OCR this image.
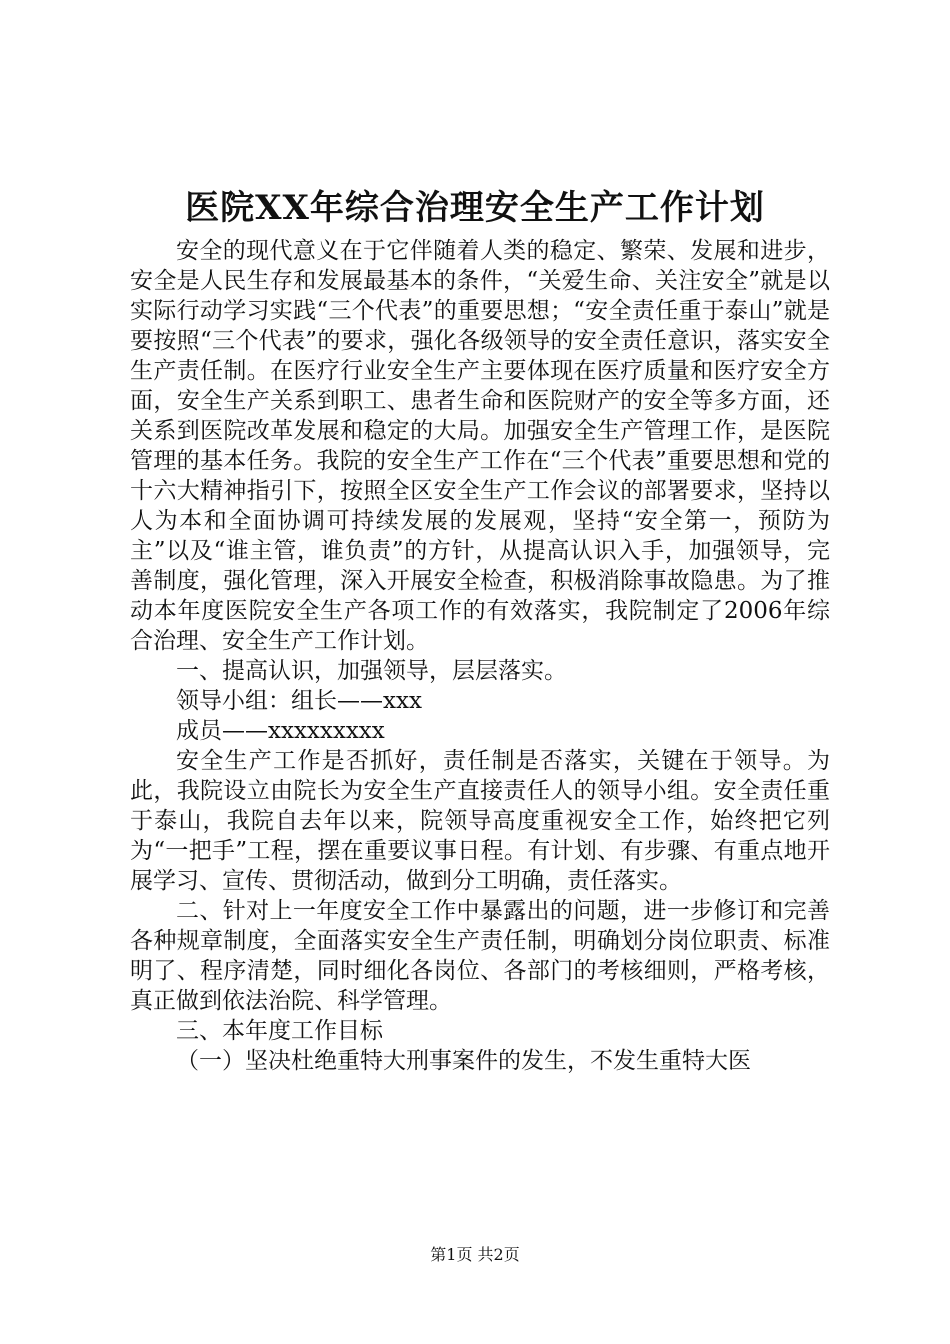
医院XX年综合治理安全生产工作计划

安全的现代意义在于它伴随着人类的稳定、繁荣、发展和进步，安全是人民生存和发展最基本的条件，“关爱生命、关注安全”就是以实际行动学习实践“三个代表”的重要思想；“安全责任重于泰山”就是要按照“三个代表”的要求，强化各级领导的安全责任意识，落实安全生产责任制。在医疗行业安全生产主要体现在医疗质量和医疗安全方面，安全生产关系到职工、患者生命和医院财产的安全等多方面，还关系到医院改革发展和稳定的大局。加强安全生产管理工作，是医院管理的基本任务。我院的安全生产工作在“三个代表”重要思想和党的十六大精神指引下，按照全区安全生产工作会议的部署要求，坚持以人为本和全面协调可持续发展的发展观，坚持“安全第一，预防为主”以及“谁主管，谁负责”的方针，从提高认识入手，加强领导，完善制度，强化管理，深入开展安全检查，积极消除事故隐患。为了推动本年度医院安全生产各项工作的有效落实，我院制定了2006年综合治理、安全生产工作计划。

一、提高认识，加强领导，层层落实。

领导小组：组长——xxx

成员——xxxxxxxxx

安全生产工作是否抓好，责任制是否落实，关键在于领导。为此，我院设立由院长为安全生产直接责任人的领导小组。安全责任重于泰山，我院自去年以来，院领导高度重视安全工作，始终把它列为“一把手”工程，摆在重要议事日程。有计划、有步骤、有重点地开展学习、宣传、贯彻活动，做到分工明确，责任落实。

二、针对上一年度安全工作中暴露出的问题，进一步修订和完善各种规章制度，全面落实安全生产责任制，明确划分岗位职责、标准明了、程序清楚，同时细化各岗位、各部门的考核细则，严格考核，真正做到依法治院、科学管理。

三、本年度工作目标

（一）坚决杜绝重特大刑事案件的发生，不发生重特大医

第1页 共2页
